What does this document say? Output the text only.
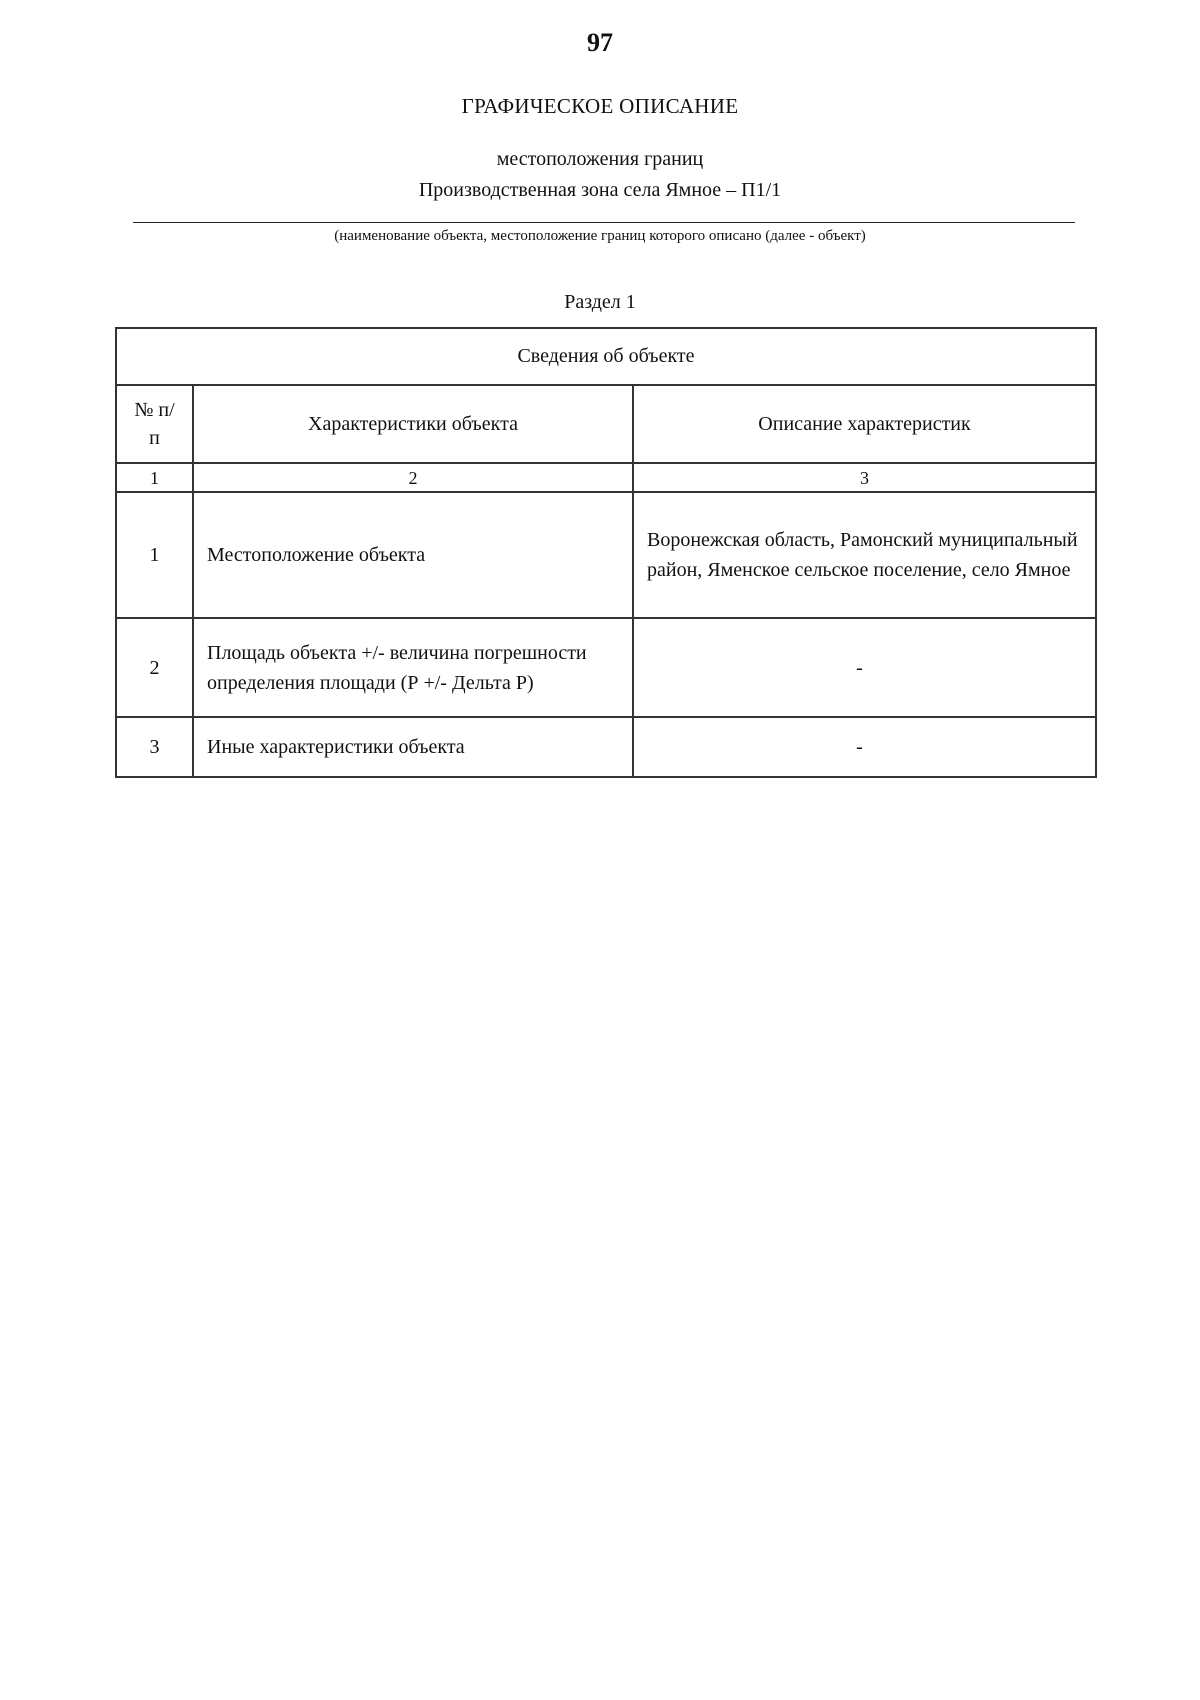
97
ГРАФИЧЕСКОЕ ОПИСАНИЕ
местоположения границ
Производственная зона села Ямное – П1/1
(наименование объекта, местоположение границ которого описано (далее - объект)
Раздел 1
Сведения об объекте		
№ п/п	Характеристики объекта	Описание характеристик
1	2	3
1	Местоположение объекта	Воронежская область, Рамонский муниципальный район, Яменское сельское поселение, село Ямное
2	Площадь объекта +/- величина погрешности определения площади (Р +/- Дельта Р)	-
3	Иные характеристики объекта	-
